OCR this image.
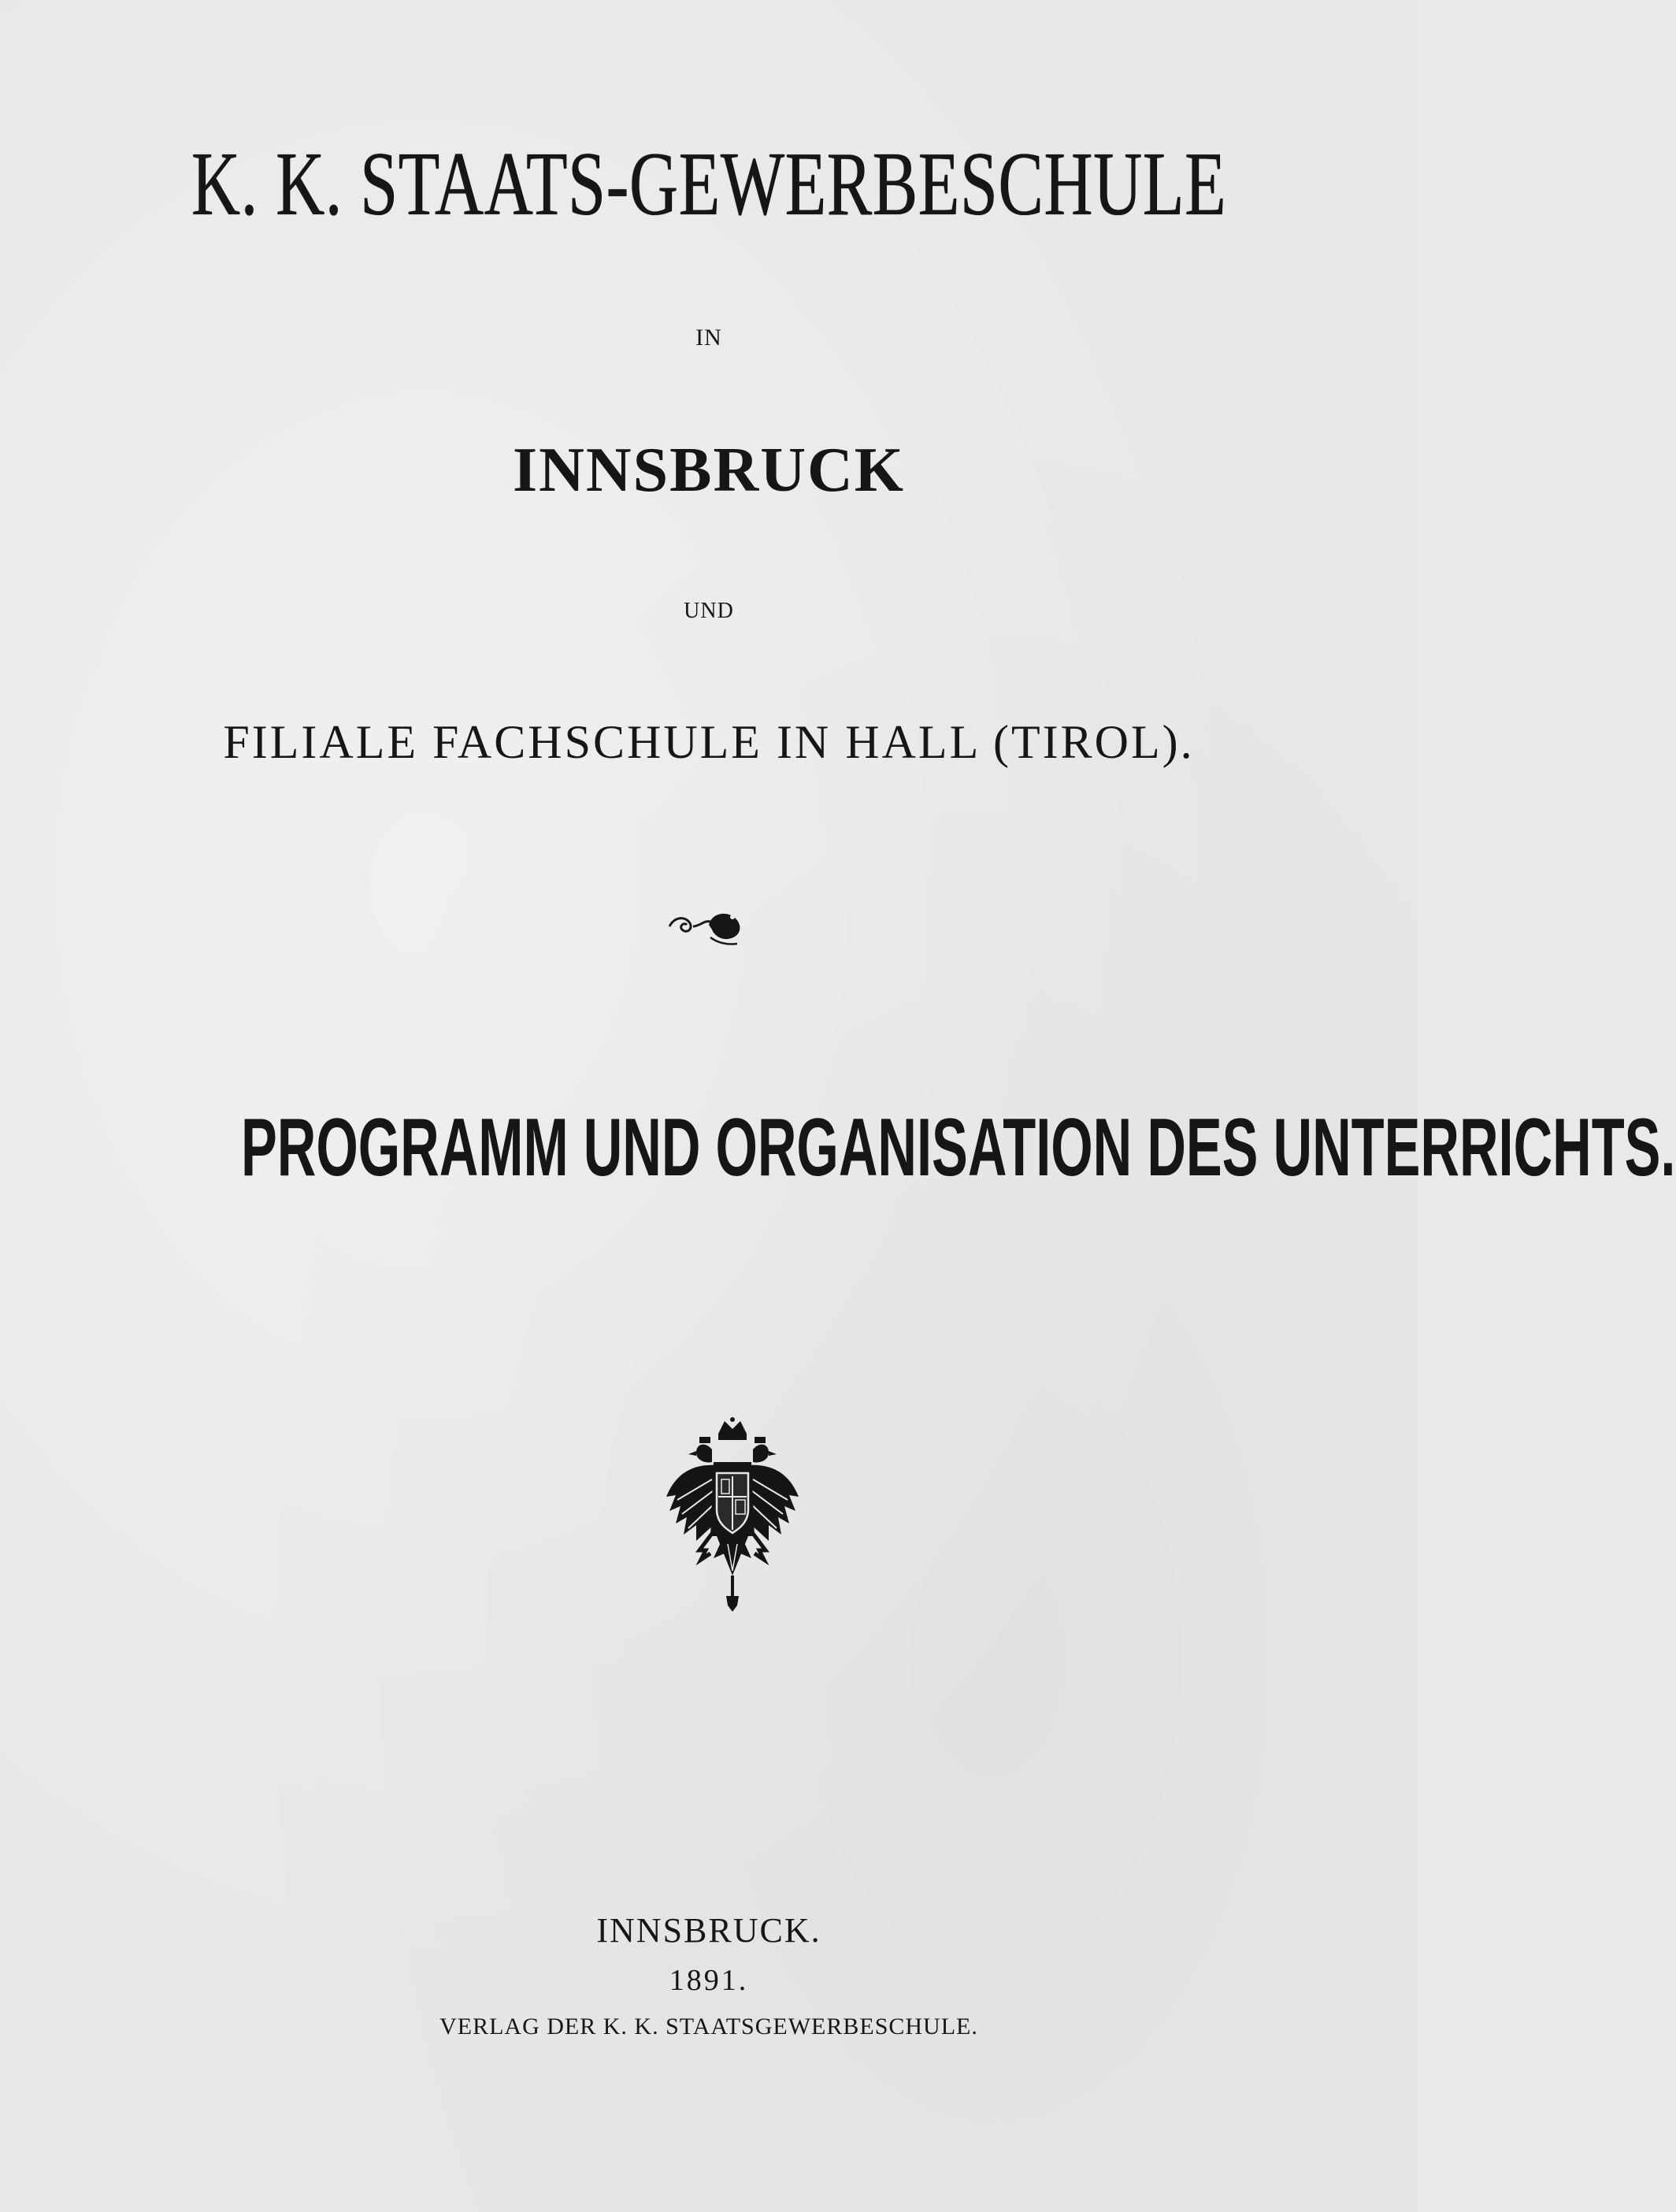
K. K. STAATS-GEWERBESCHULE

IN

INNSBRUCK

UND

FILIALE FACHSCHULE IN HALL (TIROL).

PROGRAMM UND ORGANISATION DES UNTERRICHTS.

INNSBRUCK.

1891.

VERLAG DER K. K. STAATSGEWERBESCHULE.
